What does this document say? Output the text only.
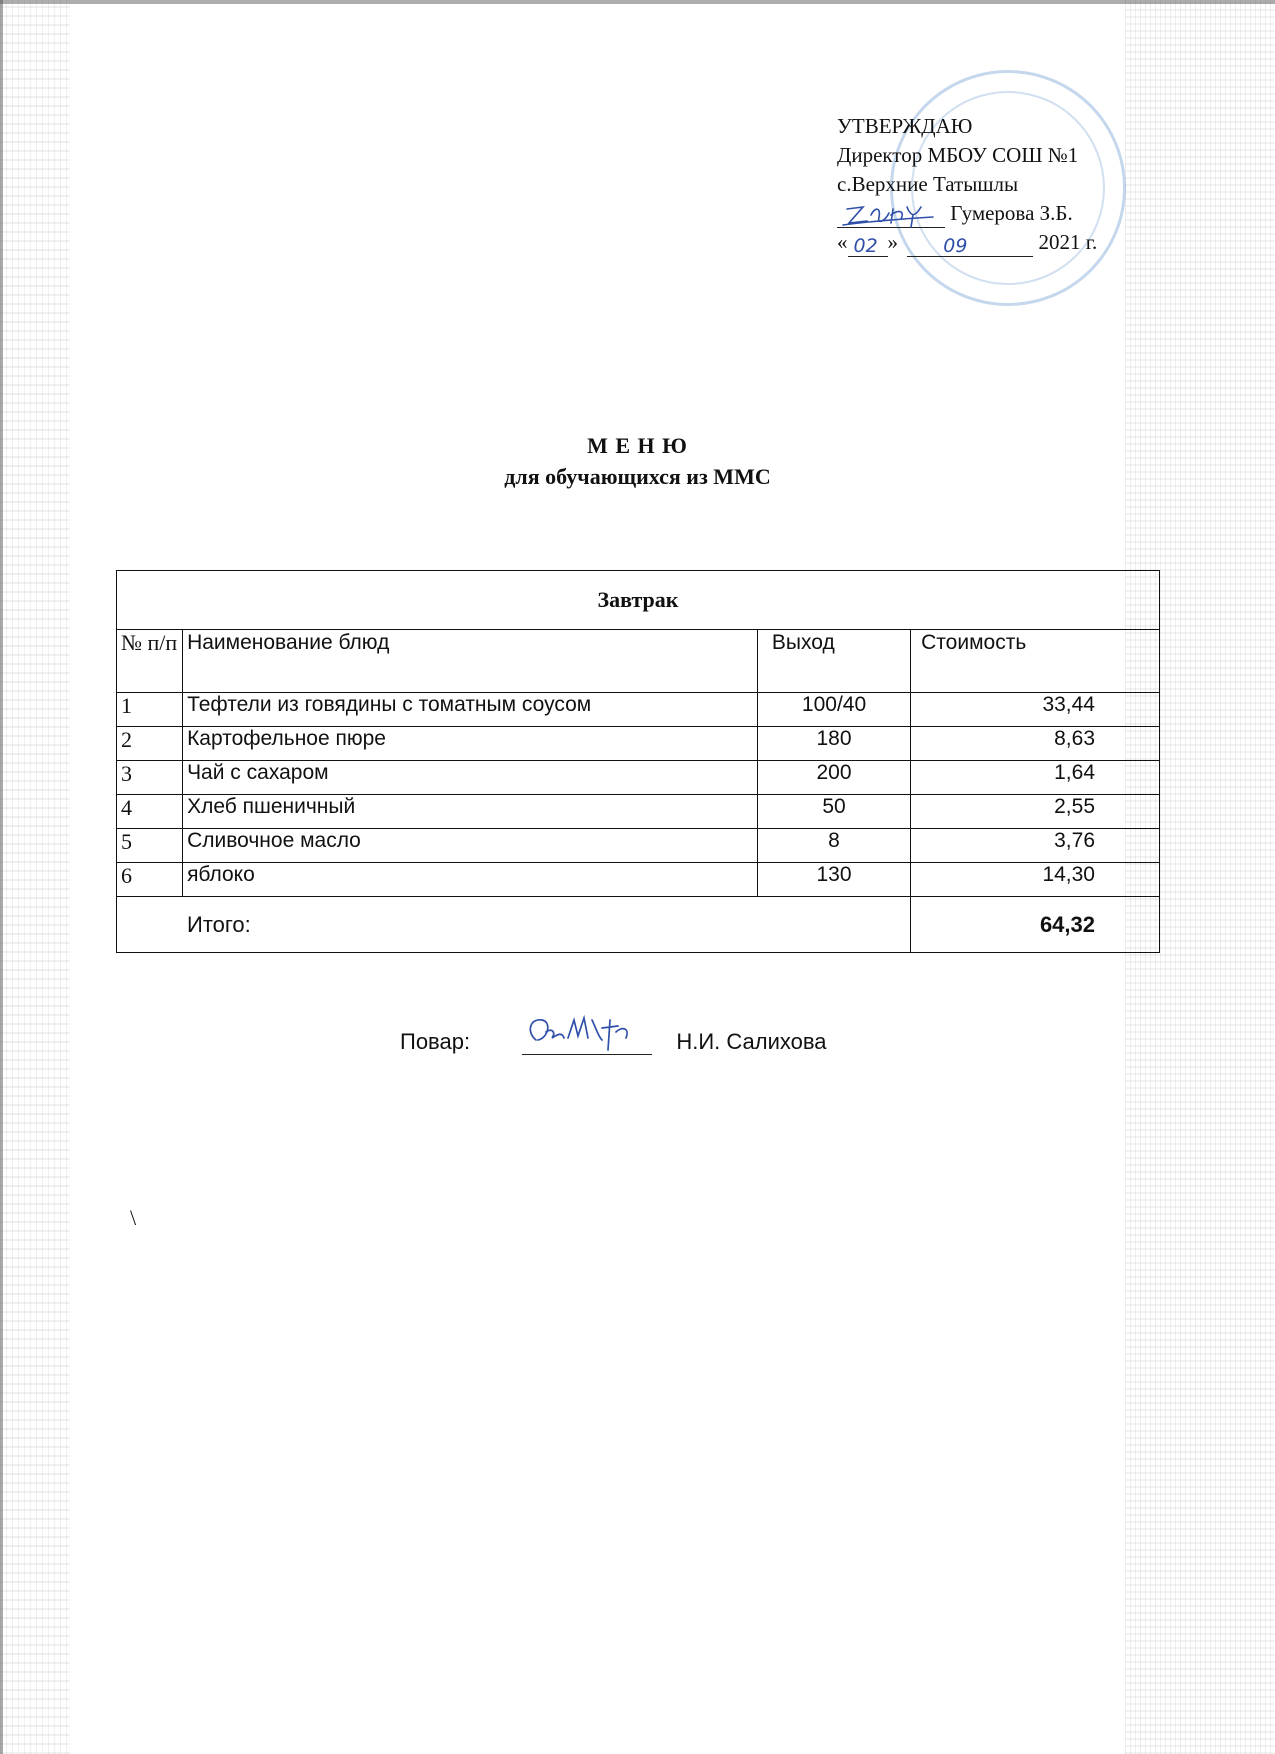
УТВЕРЖДАЮ
Директор МБОУ СОШ №1
с.Верхние Татышлы
Гумерова З.Б.
« 02 » 09	2021 г.
М Е Н Ю
для обучающихся из ММС
Завтрак			
№ п/п	Наименование блюд	Выход	Стоимость
1	Тефтели из говядины с томатным соусом	100/40	33,44
2	Картофельное пюре	180	8,63
3	Чай с сахаром	200	1,64
4	Хлеб пшеничный	50	2,55
5	Сливочное масло	8	3,76
6	яблоко	130	14,30
Итого:			64,32
Повар:	Н.И. Салихова
\
